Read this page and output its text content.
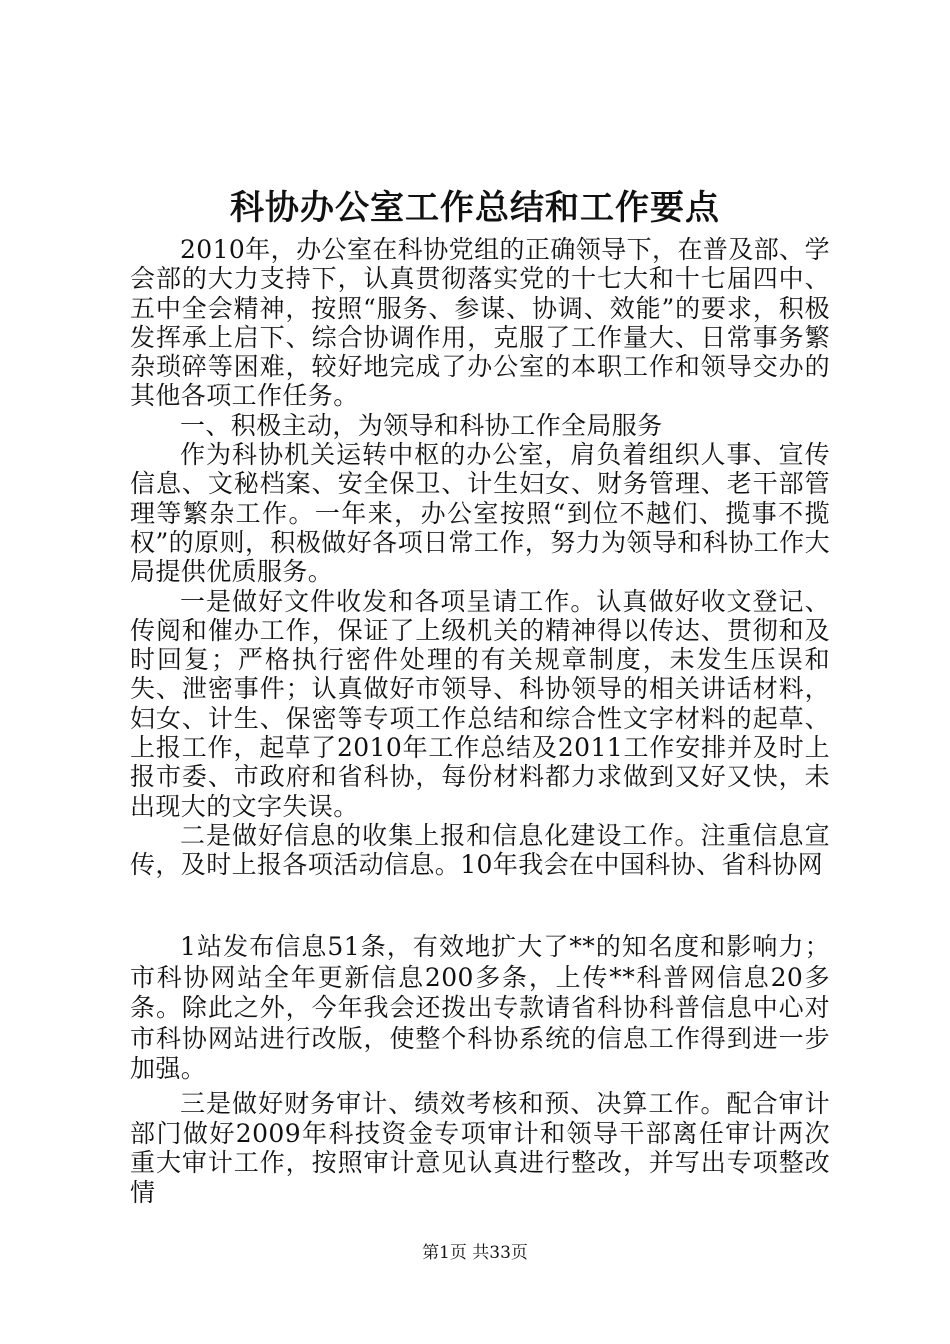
科协办公室工作总结和工作要点

2010年，办公室在科协党组的正确领导下，在普及部、学会部的大力支持下，认真贯彻落实党的十七大和十七届四中、五中全会精神，按照“服务、参谋、协调、效能”的要求，积极发挥承上启下、综合协调作用，克服了工作量大、日常事务繁杂琐碎等困难，较好地完成了办公室的本职工作和领导交办的其他各项工作任务。

一、积极主动，为领导和科协工作全局服务

作为科协机关运转中枢的办公室，肩负着组织人事、宣传信息、文秘档案、安全保卫、计生妇女、财务管理、老干部管理等繁杂工作。一年来，办公室按照“到位不越们、揽事不揽权”的原则，积极做好各项日常工作，努力为领导和科协工作大局提供优质服务。

一是做好文件收发和各项呈请工作。认真做好收文登记、传阅和催办工作，保证了上级机关的精神得以传达、贯彻和及时回复；严格执行密件处理的有关规章制度，未发生压误和失、泄密事件；认真做好市领导、科协领导的相关讲话材料，妇女、计生、保密等专项工作总结和综合性文字材料的起草、上报工作，起草了2010年工作总结及2011工作安排并及时上报市委、市政府和省科协，每份材料都力求做到又好又快，未出现大的文字失误。

二是做好信息的收集上报和信息化建设工作。注重信息宣传，及时上报各项活动信息。10年我会在中国科协、省科协网

1站发布信息51条，有效地扩大了**的知名度和影响力；市科协网站全年更新信息200多条，上传**科普网信息20多条。除此之外，今年我会还拨出专款请省科协科普信息中心对市科协网站进行改版，使整个科协系统的信息工作得到进一步加强。

三是做好财务审计、绩效考核和预、决算工作。配合审计部门做好2009年科技资金专项审计和领导干部离任审计两次重大审计工作，按照审计意见认真进行整改，并写出专项整改情

第1页 共33页
